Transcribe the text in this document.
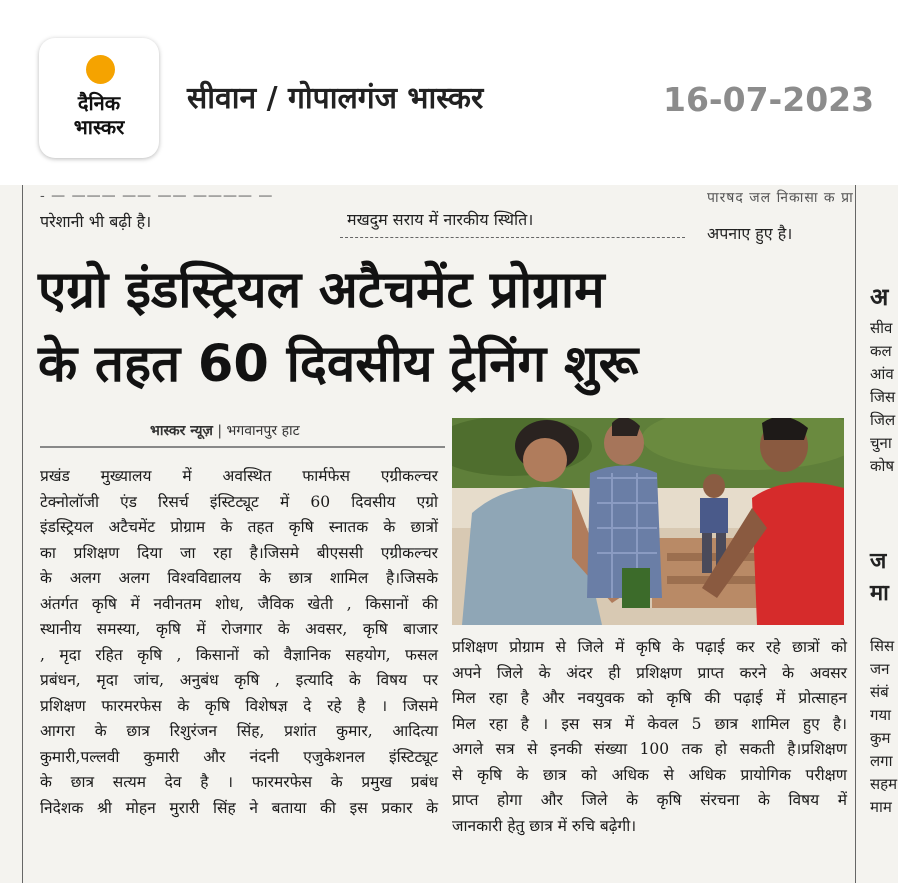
दैनिक
भास्कर
सीवान / गोपालगंज भास्कर	16-07-2023
- — ——— —— —— ———— —
परेशानी भी बढ़ी है।	मखदुम सराय में नारकीय स्थिति।
पारषद जल निकासा क प्रा
अपनाए हुए है।
एग्रो इंडस्ट्रियल अटैचमेंट प्रोग्राम
के तहत 60 दिवसीय ट्रेनिंग शुरू
भास्कर न्यूज़ | भगवानपुर हाट

प्रखंड मुख्यालय में अवस्थित फार्मफेस एग्रीकल्चर

टेक्नोलॉजी एंड रिसर्च इंस्टिट्यूट में 60 दिवसीय एग्रो

इंडस्ट्रियल अटैचमेंट प्रोग्राम के तहत कृषि स्नातक के छात्रों

का प्रशिक्षण दिया जा रहा है।जिसमे बीएससी एग्रीकल्चर

के अलग अलग विश्वविद्यालय के छात्र शामिल है।जिसके

अंतर्गत कृषि में नवीनतम शोध, जैविक खेती , किसानों की

स्थानीय समस्या, कृषि में रोजगार के अवसर, कृषि बाजार

, मृदा रहित कृषि , किसानों को वैज्ञानिक सहयोग, फसल

प्रबंधन, मृदा जांच, अनुबंध कृषि , इत्यादि के विषय पर

प्रशिक्षण फारमरफेस के कृषि विशेषज्ञ दे रहे है । जिसमे

आगरा के छात्र रिशुरंजन सिंह, प्रशांत कुमार, आदित्या

कुमारी,पल्लवी कुमारी और नंदनी एजुकेशनल इंस्टिट्यूट

के छात्र सत्यम देव है । फारमरफेस के प्रमुख प्रबंध

निदेशक श्री मोहन मुरारी सिंह ने बताया की इस प्रकार के

प्रशिक्षण प्रोग्राम से जिले में कृषि के पढ़ाई कर रहे छात्रों को

अपने जिले के अंदर ही प्रशिक्षण प्राप्त करने के अवसर

मिल रहा है और नवयुवक को कृषि की पढ़ाई में प्रोत्साहन

मिल रहा है । इस सत्र में केवल 5 छात्र शामिल हुए है।

अगले सत्र से इनकी संख्या 100 तक हो सकती है।प्रशिक्षण

से कृषि के छात्र को अधिक से अधिक प्रायोगिक परीक्षण

प्राप्त होगा और जिले के कृषि संरचना के विषय में

जानकारी हेतु छात्र में रुचि बढ़ेगी।

अ
सीव
कल
आंव
जिस
जिल
चुना
कोष
ज
मा
सिस
जन
संबं
गया
कुम
लगा
सहम
माम
